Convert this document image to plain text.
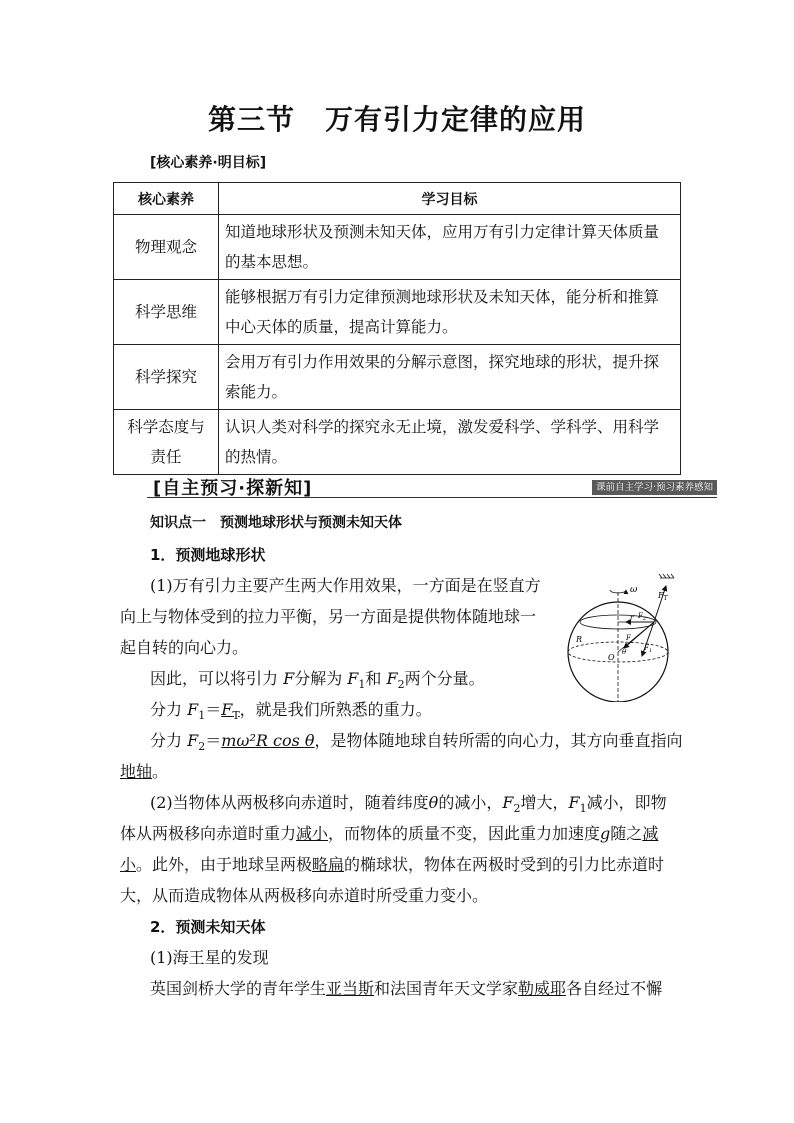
第三节 万有引力定律的应用
[核心素养·明目标]
核心素养	学习目标
物理观念	知道地球形状及预测未知天体，应用万有引力定律计算天体质量
的基本思想。
科学思维	能够根据万有引力定律预测地球形状及未知天体，能分析和推算
中心天体的质量，提高计算能力。
科学探究	会用万有引力作用效果的分解示意图，探究地球的形状，提升探
索能力。
科学态度与
责任	认识人类对科学的探究永无止境，激发爱科学、学科学、用科学
的热情。
[自主预习·探新知]	课前自主学习·预习素养感知
知识点一 预测地球形状与预测未知天体
1．预测地球形状
(1)万有引力主要产生两大作用效果，一方面是在竖直方
向上与物体受到的拉力平衡，另一方面是提供物体随地球一
起自转的向心力。
因此，可以将引力 F分解为 $F_1$和 $F_2$两个分量。
分力 $F_1=F_T$，就是我们所熟悉的重力。
分力 $F_2=m\omega^2R$ cos θ，是物体随地球自转所需的向心力，其方向垂直指向
地轴。
(2)当物体从两极移向赤道时，随着纬度θ的减小，$F_2$增大，$F_1$减小，即物
体从两极移向赤道时重力减小，而物体的质量不变，因此重力加速度g随之减
小。此外，由于地球呈两极略扁的椭球状，物体在两极时受到的引力比赤道时
大，从而造成物体从两极移向赤道时所受重力变小。
2．预测未知天体
(1)海王星的发现
英国剑桥大学的青年学生亚当斯和法国青年天文学家勒威耶各自经过不懈
ω
$F_T$
$F_2$
r
R	F
O
θ	$F_1$
